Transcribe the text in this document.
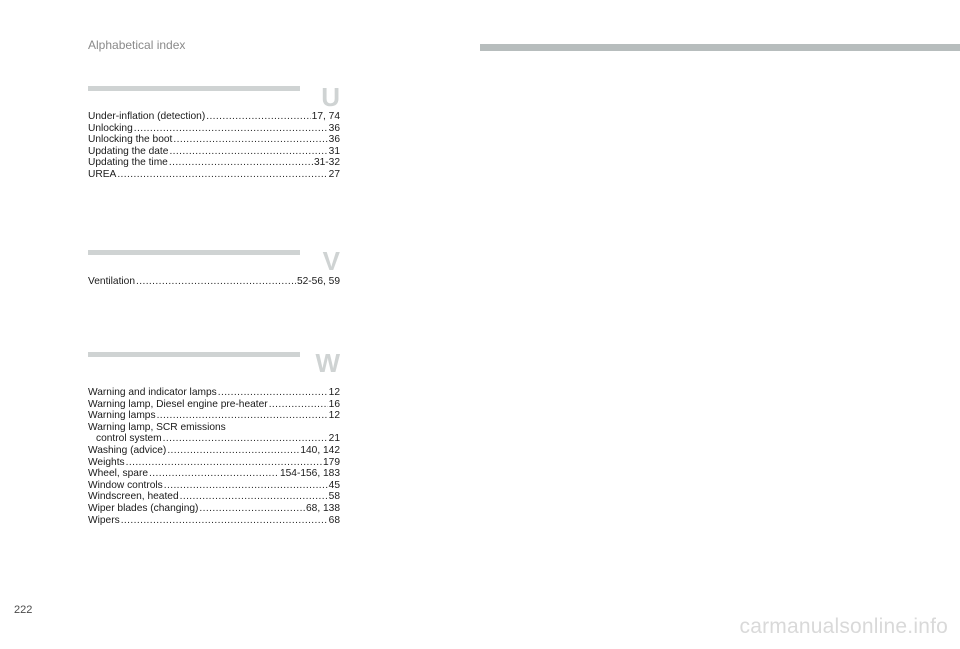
Alphabetical index
U
Under-inflation (detection) .....	17, 74
Unlocking .....	36
Unlocking the boot .....	36
Updating the date .....	31
Updating the time .....	31-32
UREA .....	27
V
Ventilation .....	52-56, 59
W
Warning and indicator lamps .....	12
Warning lamp, Diesel engine pre-heater .....	16
Warning lamps .....	12
Warning lamp, SCR emissions
control system .....	21
Washing (advice) .....	140, 142
Weights .....	179
Wheel, spare .....	154-156, 183
Window controls .....	45
Windscreen, heated .....	58
Wiper blades (changing) .....	68, 138
Wipers .....	68
222
carmanualsonline.info
